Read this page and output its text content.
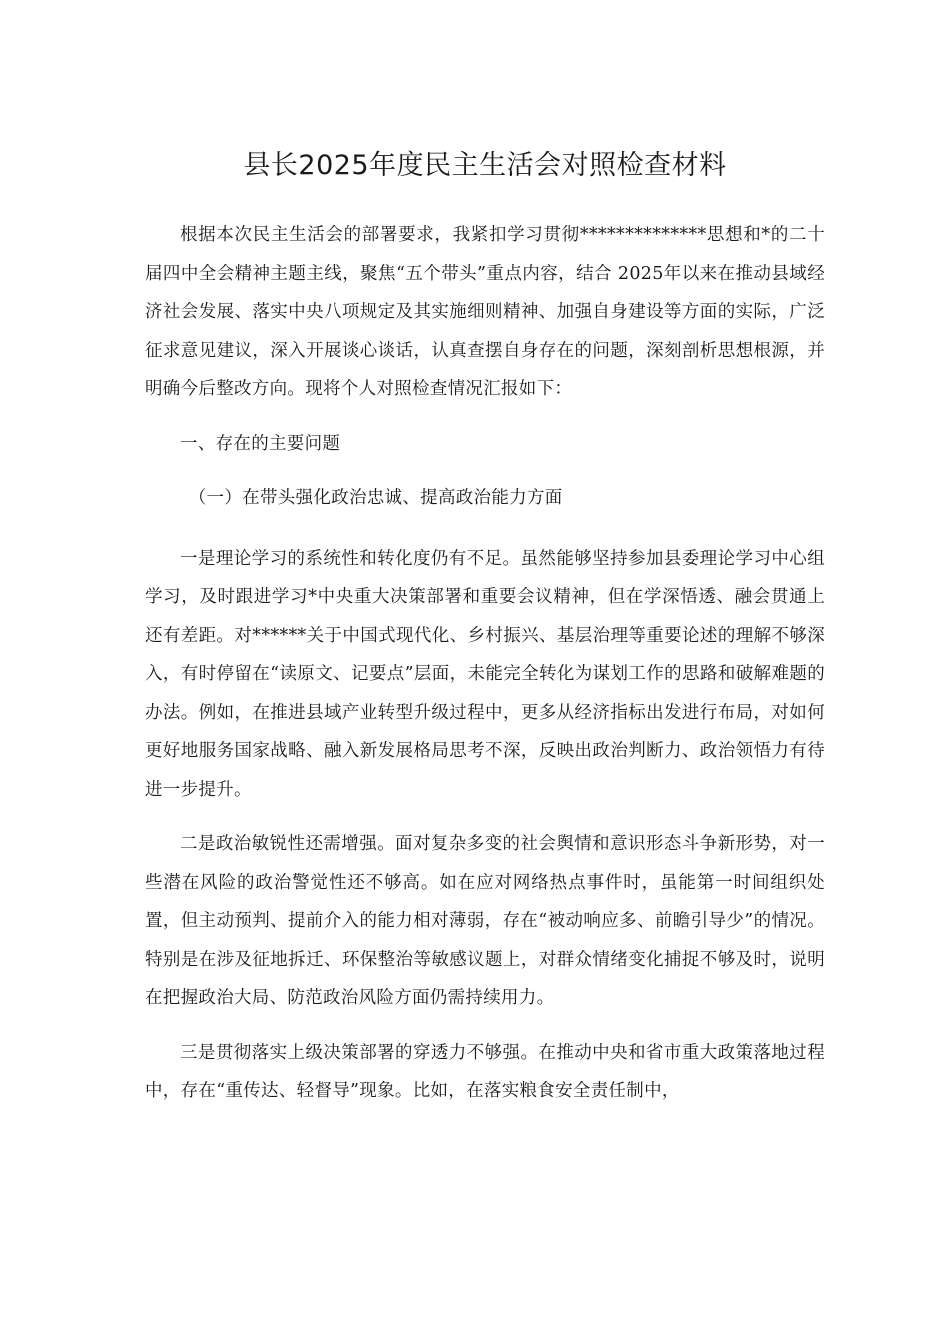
县长2025年度民主生活会对照检查材料

根据本次民主生活会的部署要求，我紧扣学习贯彻**************思想和*的二十届四中全会精神主题主线，聚焦“五个带头”重点内容，结合 2025年以来在推动县域经济社会发展、落实中央八项规定及其实施细则精神、加强自身建设等方面的实际，广泛征求意见建议，深入开展谈心谈话，认真查摆自身存在的问题，深刻剖析思想根源，并明确今后整改方向。现将个人对照检查情况汇报如下：

一、存在的主要问题

（一）在带头强化政治忠诚、提高政治能力方面

一是理论学习的系统性和转化度仍有不足。虽然能够坚持参加县委理论学习中心组学习，及时跟进学习*中央重大决策部署和重要会议精神，但在学深悟透、融会贯通上还有差距。对******关于中国式现代化、乡村振兴、基层治理等重要论述的理解不够深入，有时停留在“读原文、记要点”层面，未能完全转化为谋划工作的思路和破解难题的办法。例如，在推进县域产业转型升级过程中，更多从经济指标出发进行布局，对如何更好地服务国家战略、融入新发展格局思考不深，反映出政治判断力、政治领悟力有待进一步提升。

二是政治敏锐性还需增强。面对复杂多变的社会舆情和意识形态斗争新形势，对一些潜在风险的政治警觉性还不够高。如在应对网络热点事件时，虽能第一时间组织处置，但主动预判、提前介入的能力相对薄弱，存在“被动响应多、前瞻引导少”的情况。特别是在涉及征地拆迁、环保整治等敏感议题上，对群众情绪变化捕捉不够及时，说明在把握政治大局、防范政治风险方面仍需持续用力。

三是贯彻落实上级决策部署的穿透力不够强。在推动中央和省市重大政策落地过程中，存在“重传达、轻督导”现象。比如，在落实粮食安全责任制中，
